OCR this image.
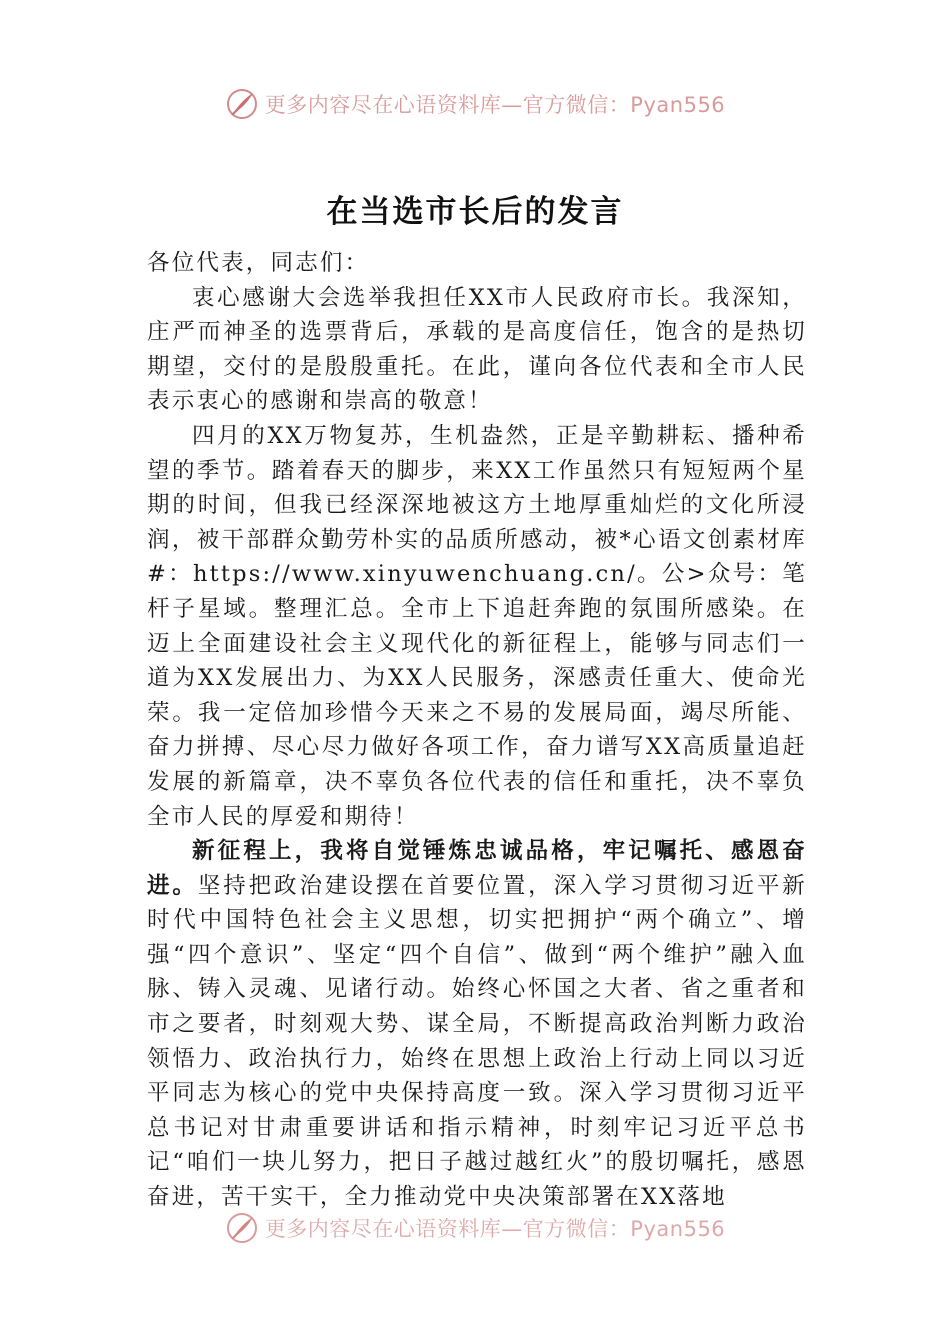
更多内容尽在心语资料库—官方微信：Pyan556
在当选市长后的发言

各位代表，同志们：

衷心感谢大会选举我担任XX市人民政府市长。我深知，庄严而神圣的选票背后，承载的是高度信任，饱含的是热切期望，交付的是殷殷重托。在此，谨向各位代表和全市人民表示衷心的感谢和崇高的敬意！

四月的XX万物复苏，生机盎然，正是辛勤耕耘、播种希望的季节。踏着春天的脚步，来XX工作虽然只有短短两个星期的时间，但我已经深深地被这方土地厚重灿烂的文化所浸润，被干部群众勤劳朴实的品质所感动，被*心语文创素材库#：https://www.xinyuwenchuang.cn/。公>众号：笔杆子星域。整理汇总。全市上下追赶奔跑的氛围所感染。在迈上全面建设社会主义现代化的新征程上，能够与同志们一道为XX发展出力、为XX人民服务，深感责任重大、使命光荣。我一定倍加珍惜今天来之不易的发展局面，竭尽所能、奋力拼搏、尽心尽力做好各项工作，奋力谱写XX高质量追赶发展的新篇章，决不辜负各位代表的信任和重托，决不辜负全市人民的厚爱和期待！

新征程上，我将自觉锤炼忠诚品格，牢记嘱托、感恩奋进。坚持把政治建设摆在首要位置，深入学习贯彻习近平新时代中国特色社会主义思想，切实把拥护“两个确立”、增强“四个意识”、坚定“四个自信”、做到“两个维护”融入血脉、铸入灵魂、见诸行动。始终心怀国之大者、省之重者和市之要者，时刻观大势、谋全局，不断提高政治判断力政治领悟力、政治执行力，始终在思想上政治上行动上同以习近平同志为核心的党中央保持高度一致。深入学习贯彻习近平总书记对甘肃重要讲话和指示精神，时刻牢记习近平总书记“咱们一块儿努力，把日子越过越红火”的殷切嘱托，感恩奋进，苦干实干，全力推动党中央决策部署在XX落地

更多内容尽在心语资料库—官方微信：Pyan556
